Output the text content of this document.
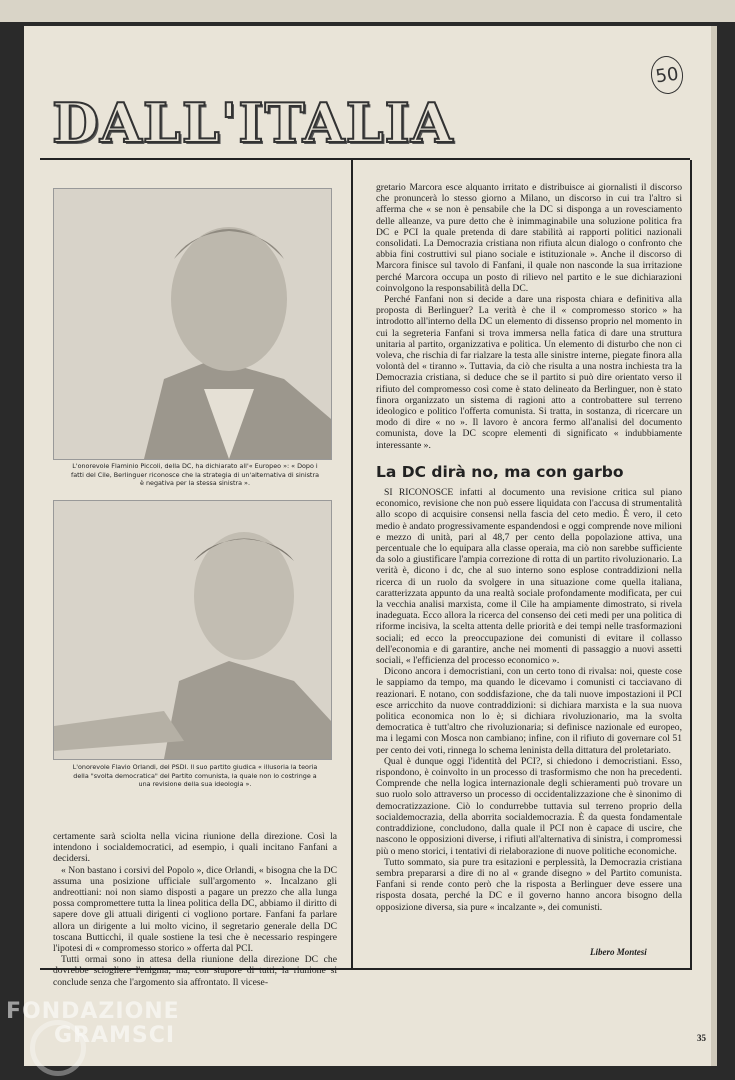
50
DALL'ITALIA
L'onorevole Flaminio Piccoli, della DC, ha dichiarato all'« Europeo »: « Dopo i fatti del Cile, Berlinguer riconosce che la strategia di un'alternativa di sinistra è negativa per la stessa sinistra ».
L'onorevole Flavio Orlandi, del PSDI. Il suo partito giudica « illusoria la teoria della "svolta democratica" del Partito comunista, la quale non lo costringe a una revisione della sua ideologia ».

certamente sarà sciolta nella vicina riunione della direzione. Così la intendono i socialdemocratici, ad esempio, i quali incitano Fanfani a decidersi.

« Non bastano i corsivi del Popolo », dice Orlandi, « bisogna che la DC assuma una posizione ufficiale sull'argomento ». Incalzano gli andreottiani: noi non siamo disposti a pagare un prezzo che alla lunga possa compromettere tutta la linea politica della DC, abbiamo il diritto di sapere dove gli attuali dirigenti ci vogliono portare. Fanfani fa parlare allora un dirigente a lui molto vicino, il segretario generale della DC toscana Butticchi, il quale sostiene la tesi che è necessario respingere l'ipotesi di « compromesso storico » offerta dal PCI.

Tutti ormai sono in attesa della riunione della direzione DC che dovrebbe sciogliere l'enigma; ma, con stupore di tutti, la riunione si conclude senza che l'argomento sia affrontato. Il vicese-

gretario Marcora esce alquanto irritato e distribuisce ai giornalisti il discorso che pronuncerà lo stesso giorno a Milano, un discorso in cui tra l'altro si afferma che « se non è pensabile che la DC si disponga a un rovesciamento delle alleanze, va pure detto che è inimmaginabile una soluzione politica fra DC e PCI la quale pretenda di dare stabilità ai rapporti politici nazionali consolidati. La Democrazia cristiana non rifiuta alcun dialogo o confronto che abbia fini costruttivi sul piano sociale e istituzionale ». Anche il discorso di Marcora finisce sul tavolo di Fanfani, il quale non nasconde la sua irritazione perché Marcora occupa un posto di rilievo nel partito e le sue dichiarazioni coinvolgono la responsabilità della DC.

Perché Fanfani non si decide a dare una risposta chiara e definitiva alla proposta di Berlinguer? La verità è che il « compromesso storico » ha introdotto all'interno della DC un elemento di dissenso proprio nel momento in cui la segreteria Fanfani si trova immersa nella fatica di dare una struttura unitaria al partito, organizzativa e politica. Un elemento di disturbo che non ci voleva, che rischia di far rialzare la testa alle sinistre interne, piegate finora alla volontà del « tiranno ». Tuttavia, da ciò che risulta a una nostra inchiesta tra la Democrazia cristiana, si deduce che se il partito si può dire orientato verso il rifiuto del compromesso così come è stato delineato da Berlinguer, non è stato finora organizzato un sistema di ragioni atto a controbattere sul terreno ideologico e politico l'offerta comunista. Si tratta, in sostanza, di ricercare un modo di dire « no ». Il lavoro è ancora fermo all'analisi del documento comunista, dove la DC scopre elementi di significato « indubbiamente interessante ».

La DC dirà no, ma con garbo

SI RICONOSCE infatti al documento una revisione critica sul piano economico, revisione che non può essere liquidata con l'accusa di strumentalità allo scopo di acquisire consensi nella fascia del ceto medio. È vero, il ceto medio è andato progressivamente espandendosi e oggi comprende nove milioni e mezzo di unità, pari al 48,7 per cento della popolazione attiva, una percentuale che lo equipara alla classe operaia, ma ciò non sarebbe sufficiente da solo a giustificare l'ampia correzione di rotta di un partito rivoluzionario. La verità è, dicono i dc, che al suo interno sono esplose contraddizioni nella ricerca di un ruolo da svolgere in una situazione come quella italiana, caratterizzata appunto da una realtà sociale profondamente modificata, per cui la vecchia analisi marxista, come il Cile ha ampiamente dimostrato, si rivela inadeguata. Ecco allora la ricerca del consenso dei ceti medi per una politica di riforme incisiva, la scelta attenta delle priorità e dei tempi nelle trasformazioni sociali; ed ecco la preoccupazione dei comunisti di evitare il collasso dell'economia e di garantire, anche nei momenti di passaggio a nuovi assetti sociali, « l'efficienza del processo economico ».

Dicono ancora i democristiani, con un certo tono di rivalsa: noi, queste cose le sappiamo da tempo, ma quando le dicevamo i comunisti ci tacciavano di reazionari. E notano, con soddisfazione, che da tali nuove impostazioni il PCI esce arricchito da nuove contraddizioni: si dichiara marxista e la sua nuova politica economica non lo è; si dichiara rivoluzionario, ma la svolta democratica è tutt'altro che rivoluzionaria; si definisce nazionale ed europeo, ma i legami con Mosca non cambiano; infine, con il rifiuto di governare col 51 per cento dei voti, rinnega lo schema leninista della dittatura del proletariato.

Qual è dunque oggi l'identità del PCI?, si chiedono i democristiani. Esso, rispondono, è coinvolto in un processo di trasformismo che non ha precedenti. Comprende che nella logica internazionale degli schieramenti può trovare un suo ruolo solo attraverso un processo di occidentalizzazione che è sinonimo di democratizzazione. Ciò lo condurrebbe tuttavia sul terreno proprio della socialdemocrazia, della aborrita socialdemocrazia. È da questa fondamentale contraddizione, concludono, dalla quale il PCI non è capace di uscire, che nascono le opposizioni diverse, i rifiuti all'alternativa di sinistra, i compromessi più o meno storici, i tentativi di rielaborazione di nuove politiche economiche.

Tutto sommato, sia pure tra esitazioni e perplessità, la Democrazia cristiana sembra prepararsi a dire di no al « grande disegno » del Partito comunista. Fanfani si rende conto però che la risposta a Berlinguer deve essere una risposta dosata, perché la DC e il governo hanno ancora bisogno della opposizione diversa, sia pure « incalzante », dei comunisti.

Libero Montesi
35
FONDAZIONE
GRAMSCI
